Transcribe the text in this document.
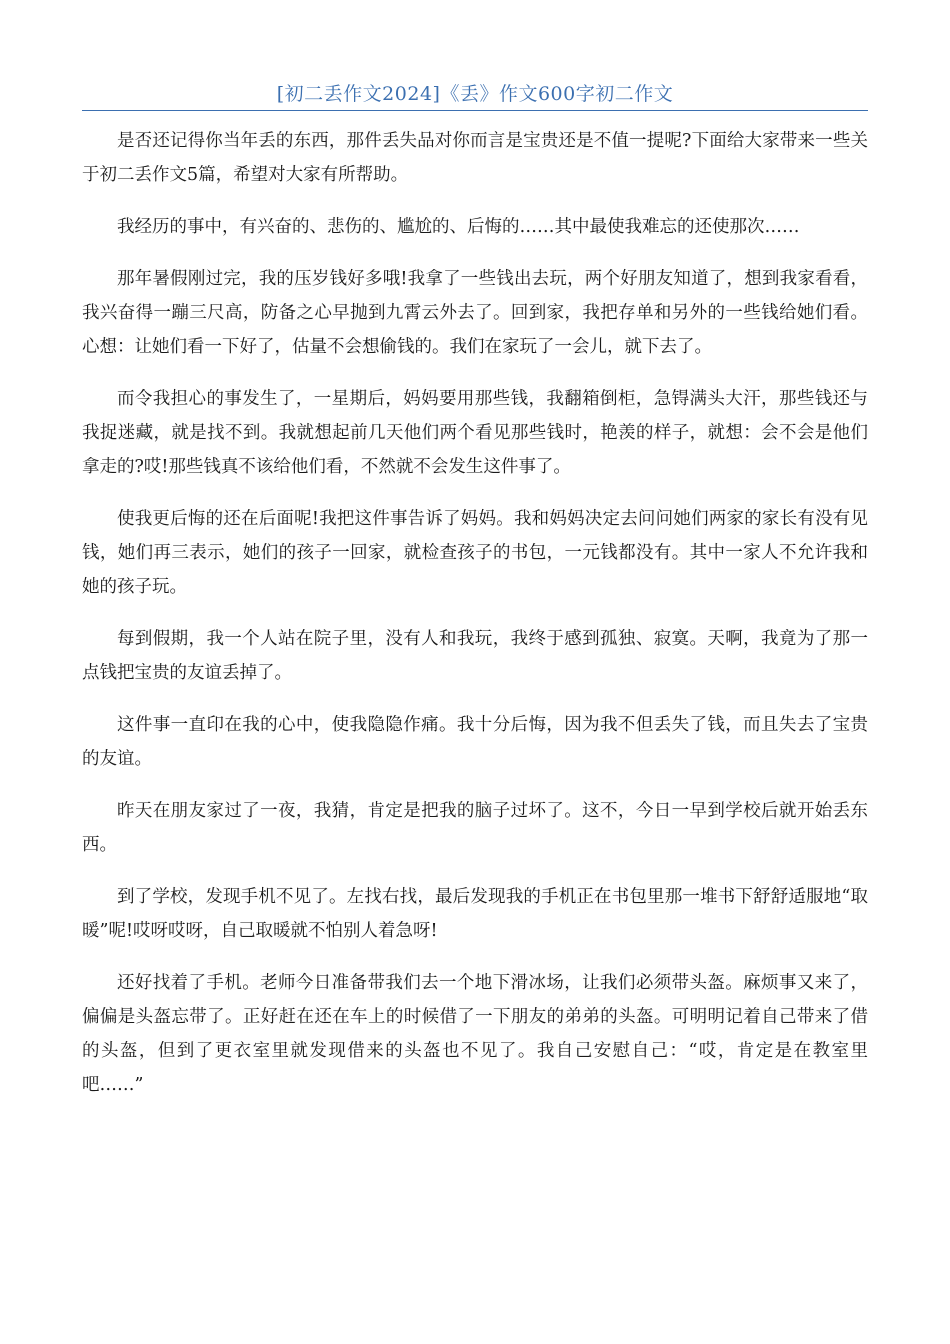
[初二丢作文2024]《丢》作文600字初二作文

是否还记得你当年丢的东西，那件丢失品对你而言是宝贵还是不值一提呢?下面给大家带来一些关于初二丢作文5篇，希望对大家有所帮助。

我经历的事中，有兴奋的、悲伤的、尴尬的、后悔的……其中最使我难忘的还使那次……

那年暑假刚过完，我的压岁钱好多哦!我拿了一些钱出去玩，两个好朋友知道了，想到我家看看，我兴奋得一蹦三尺高，防备之心早抛到九霄云外去了。回到家，我把存单和另外的一些钱给她们看。心想：让她们看一下好了，估量不会想偷钱的。我们在家玩了一会儿，就下去了。

而令我担心的事发生了，一星期后，妈妈要用那些钱，我翻箱倒柜，急锝满头大汗，那些钱还与我捉迷藏，就是找不到。我就想起前几天他们两个看见那些钱时，艳羡的样子，就想：会不会是他们拿走的?哎!那些钱真不该给他们看，不然就不会发生这件事了。

使我更后悔的还在后面呢!我把这件事告诉了妈妈。我和妈妈决定去问问她们两家的家长有没有见钱，她们再三表示，她们的孩子一回家，就检查孩子的书包，一元钱都没有。其中一家人不允许我和她的孩子玩。

每到假期，我一个人站在院子里，没有人和我玩，我终于感到孤独、寂寞。天啊，我竟为了那一点钱把宝贵的友谊丢掉了。

这件事一直印在我的心中，使我隐隐作痛。我十分后悔，因为我不但丢失了钱，而且失去了宝贵的友谊。

昨天在朋友家过了一夜，我猜，肯定是把我的脑子过坏了。这不，今日一早到学校后就开始丢东西。

到了学校，发现手机不见了。左找右找，最后发现我的手机正在书包里那一堆书下舒舒适服地“取暖”呢!哎呀哎呀，自己取暖就不怕别人着急呀!

还好找着了手机。老师今日准备带我们去一个地下滑冰场，让我们必须带头盔。麻烦事又来了，偏偏是头盔忘带了。正好赶在还在车上的时候借了一下朋友的弟弟的头盔。可明明记着自己带来了借的头盔，但到了更衣室里就发现借来的头盔也不见了。我自己安慰自己：“哎，肯定是在教室里吧……”
